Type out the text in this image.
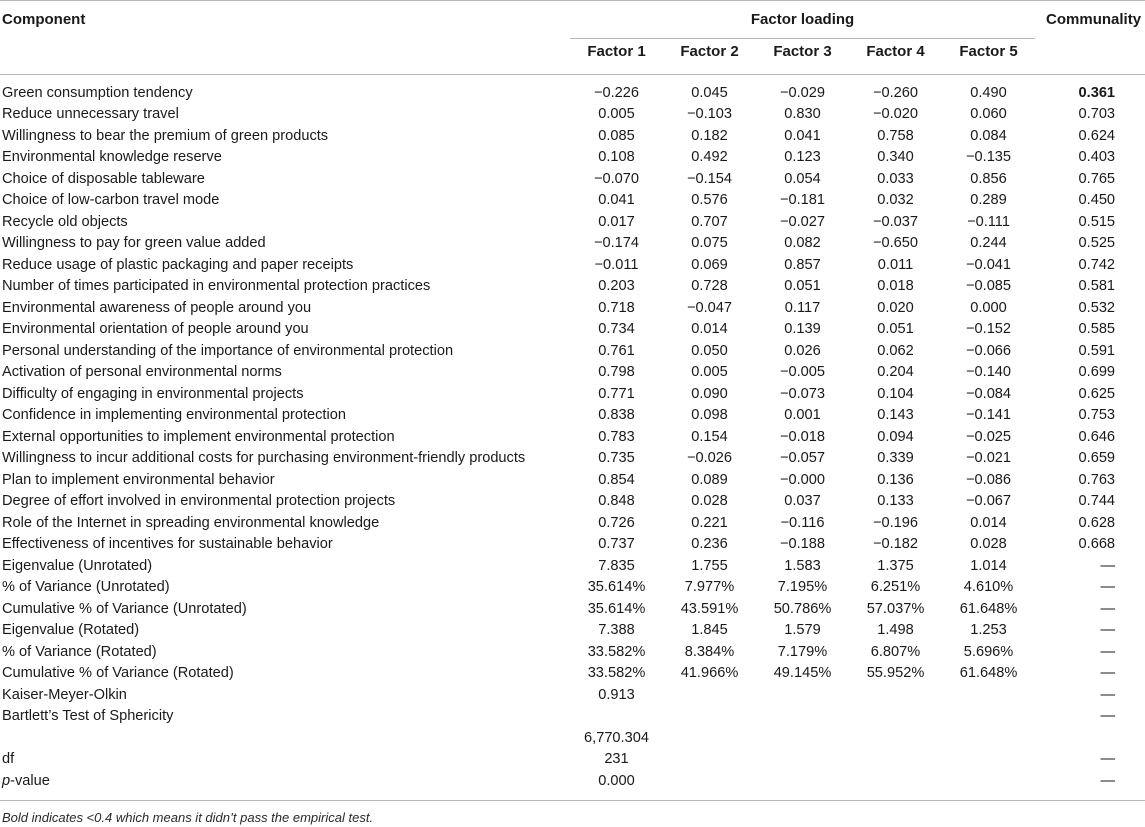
Component	Factor loading					Communality
	Factor 1	Factor 2	Factor 3	Factor 4	Factor 5	
Green consumption tendency	−0.226	0.045	−0.029	−0.260	0.490	0.361
Reduce unnecessary travel	0.005	−0.103	0.830	−0.020	0.060	0.703
Willingness to bear the premium of green products	0.085	0.182	0.041	0.758	0.084	0.624
Environmental knowledge reserve	0.108	0.492	0.123	0.340	−0.135	0.403
Choice of disposable tableware	−0.070	−0.154	0.054	0.033	0.856	0.765
Choice of low-carbon travel mode	0.041	0.576	−0.181	0.032	0.289	0.450
Recycle old objects	0.017	0.707	−0.027	−0.037	−0.111	0.515
Willingness to pay for green value added	−0.174	0.075	0.082	−0.650	0.244	0.525
Reduce usage of plastic packaging and paper receipts	−0.011	0.069	0.857	0.011	−0.041	0.742
Number of times participated in environmental protection practices	0.203	0.728	0.051	0.018	−0.085	0.581
Environmental awareness of people around you	0.718	−0.047	0.117	0.020	0.000	0.532
Environmental orientation of people around you	0.734	0.014	0.139	0.051	−0.152	0.585
Personal understanding of the importance of environmental protection	0.761	0.050	0.026	0.062	−0.066	0.591
Activation of personal environmental norms	0.798	0.005	−0.005	0.204	−0.140	0.699
Difficulty of engaging in environmental projects	0.771	0.090	−0.073	0.104	−0.084	0.625
Confidence in implementing environmental protection	0.838	0.098	0.001	0.143	−0.141	0.753
External opportunities to implement environmental protection	0.783	0.154	−0.018	0.094	−0.025	0.646
Willingness to incur additional costs for purchasing environment-friendly products	0.735	−0.026	−0.057	0.339	−0.021	0.659
Plan to implement environmental behavior	0.854	0.089	−0.000	0.136	−0.086	0.763
Degree of effort involved in environmental protection projects	0.848	0.028	0.037	0.133	−0.067	0.744
Role of the Internet in spreading environmental knowledge	0.726	0.221	−0.116	−0.196	0.014	0.628
Effectiveness of incentives for sustainable behavior	0.737	0.236	−0.188	−0.182	0.028	0.668
Eigenvalue (Unrotated)	7.835	1.755	1.583	1.375	1.014	—
% of Variance (Unrotated)	35.614%	7.977%	7.195%	6.251%	4.610%	—
Cumulative % of Variance (Unrotated)	35.614%	43.591%	50.786%	57.037%	61.648%	—
Eigenvalue (Rotated)	7.388	1.845	1.579	1.498	1.253	—
% of Variance (Rotated)	33.582%	8.384%	7.179%	6.807%	5.696%	—
Cumulative % of Variance (Rotated)	33.582%	41.966%	49.145%	55.952%	61.648%	—
Kaiser-Meyer-Olkin	0.913					—
Bartlett’s Test of Sphericity						—
	6,770.304					
df	231					—
p-value	0.000					—
Bold indicates <0.4 which means it didn’t pass the empirical test.						
